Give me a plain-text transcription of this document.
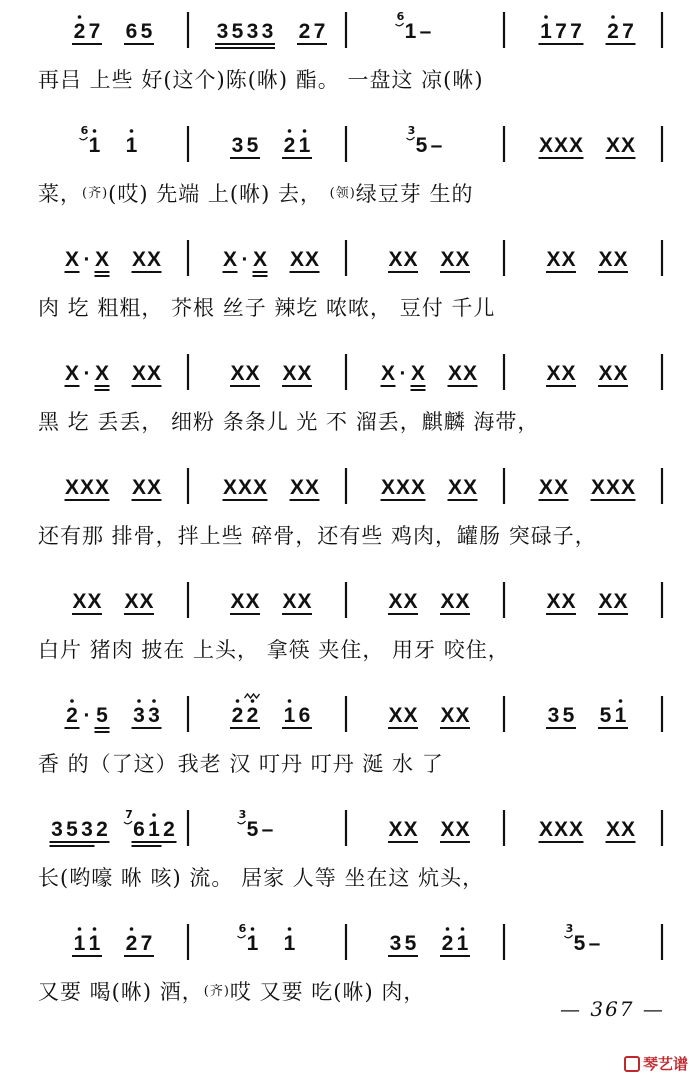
2 7 6 5	3 5 3 3 2 7	1
6
–	1 7 7 2 7
1
6
1	3 5 2 1	5
3
–	X X X X X
X · X X X	X · X X X	X X X X	X X X X
X · X X X	X X X X	X · X X X	X X X X
X X X X X	X X X X X	X X X X X	X X X X X
X X X X	X X X X	X X X X	X X X X
2 · 5 3 3	2 2 1 6	X X X X	3 5 5 1
3 5 3 2 6
7
1 2	5
3
–	X X X X	X X X X X
1 1 2 7	1
6
1	3 5 2 1	5
3
–
再吕 上些 好(这个)陈(咻) 酯。 一盘这 凉(咻)
菜，(齐)(哎) 先端 上(咻) 去， (领)绿豆芽 生的
肉 圪 粗粗， 芥根 丝子 辣圪 哝哝， 豆付 千儿
黑 圪 丢丢， 细粉 条条儿 光 不 溜丢，麒麟 海带，
还有那 排骨，拌上些 碎骨，还有些 鸡肉，罐肠 突碌子，
白片 猪肉 披在 上头， 拿筷 夹住， 用牙 咬住，
香 的（了这）我老 汉 叮丹 叮丹 涎 水 了
长(哟嚎 咻 咳) 流。 居家 人等 坐在这 炕头，
又要 喝(咻) 酒，(齐)哎 又要 吃(咻) 肉，
— 367 —
琴艺谱
